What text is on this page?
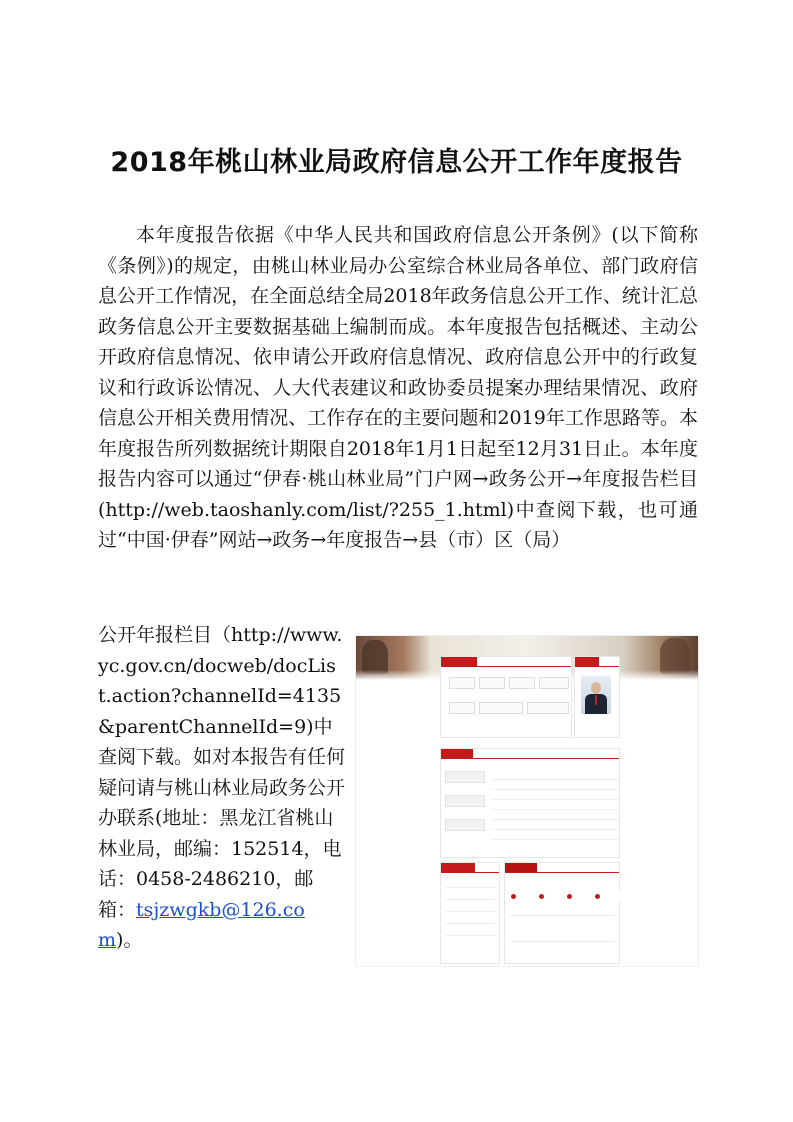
2018年桃山林业局政府信息公开工作年度报告

本年度报告依据《中华人民共和国政府信息公开条例》(以下简称《条例》)的规定，由桃山林业局办公室综合林业局各单位、部门政府信息公开工作情况，在全面总结全局2018年政务信息公开工作、统计汇总政务信息公开主要数据基础上编制而成。本年度报告包括概述、主动公开政府信息情况、依申请公开政府信息情况、政府信息公开中的行政复议和行政诉讼情况、人大代表建议和政协委员提案办理结果情况、政府信息公开相关费用情况、工作存在的主要问题和2019年工作思路等。本年度报告所列数据统计期限自2018年1月1日起至12月31日止。本年度报告内容可以通过“伊春·桃山林业局”门户网→政务公开→年度报告栏目(http://web.taoshanly.com/list/?255_1.html)中查阅下载，也可通过“中国·伊春”网站→政务→年度报告→县（市）区（局）

公开年报栏目（http://www.yc.gov.cn/docweb/docList.action?channelId=4135&parentChannelId=9)中查阅下载。如对本报告有任何疑问请与桃山林业局政务公开办联系(地址：黑龙江省桃山林业局，邮编：152514，电话：0458-2486210，邮箱：tsjzwgkb@126.com)。
